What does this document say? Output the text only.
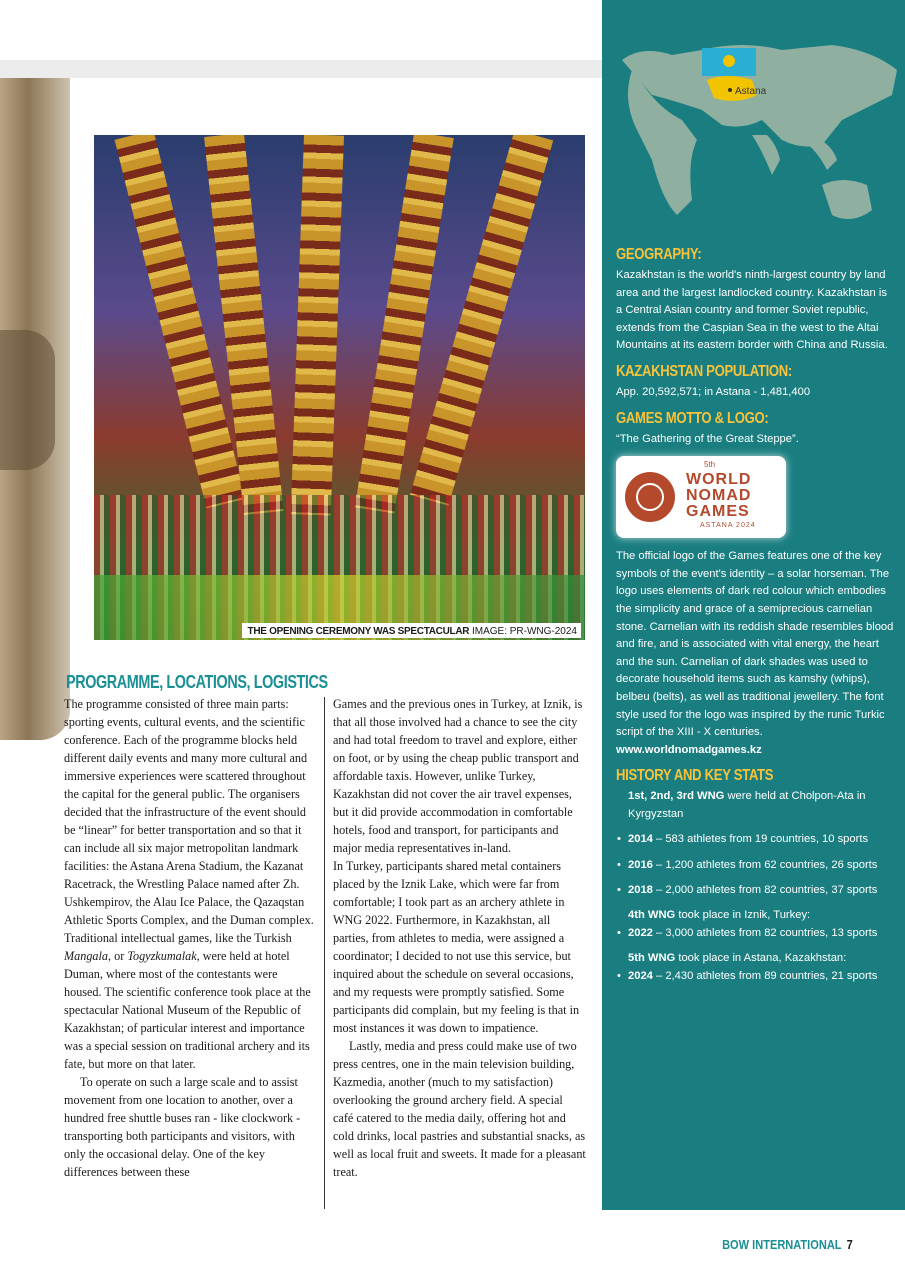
THE OPENING CEREMONY WAS SPECTACULAR IMAGE: PR-WNG-2024
PROGRAMME, LOCATIONS, LOGISTICS

The programme consisted of three main parts: sporting events, cultural events, and the scientific conference. Each of the programme blocks held different daily events and many more cultural and immersive experiences were scattered throughout the capital for the general public. The organisers decided that the infrastructure of the event should be “linear” for better transportation and so that it can include all six major metropolitan landmark facilities: the Astana Arena Stadium, the Kazanat Racetrack, the Wrestling Palace named after Zh. Ushkempirov, the Alau Ice Palace, the Qazaqstan Athletic Sports Complex, and the Duman complex. Traditional intellectual games, like the Turkish Mangala, or Togyzkumalak, were held at hotel Duman, where most of the contestants were housed. The scientific conference took place at the spectacular National Museum of the Republic of Kazakhstan; of particular interest and importance was a special session on traditional archery and its fate, but more on that later.

To operate on such a large scale and to assist movement from one location to another, over a hundred free shuttle buses ran - like clockwork - transporting both participants and visitors, with only the occasional delay. One of the key differences between these

Games and the previous ones in Turkey, at Iznik, is that all those involved had a chance to see the city and had total freedom to travel and explore, either on foot, or by using the cheap public transport and affordable taxis. However, unlike Turkey, Kazakhstan did not cover the air travel expenses, but it did provide accommodation in comfortable hotels, food and transport, for participants and major media representatives in-land.

In Turkey, participants shared metal containers placed by the Iznik Lake, which were far from comfortable; I took part as an archery athlete in WNG 2022. Furthermore, in Kazakhstan, all parties, from athletes to media, were assigned a coordinator; I decided to not use this service, but inquired about the schedule on several occasions, and my requests were promptly satisfied. Some participants did complain, but my feeling is that in most instances it was down to impatience.

Lastly, media and press could make use of two press centres, one in the main television building, Kazmedia, another (much to my satisfaction) overlooking the ground archery field. A special café catered to the media daily, offering hot and cold drinks, local pastries and substantial snacks, as well as local fruit and sweets. It made for a pleasant treat.

Astana
GEOGRAPHY:

Kazakhstan is the world's ninth-largest country by land area and the largest landlocked country. Kazakhstan is a Central Asian country and former Soviet republic, extends from the Caspian Sea in the west to the Altai Mountains at its eastern border with China and Russia.

KAZAKHSTAN POPULATION:

App. 20,592,571; in Astana - 1,481,400

GAMES MOTTO & LOGO:

“The Gathering of the Great Steppe”.

5th
WORLD NOMAD GAMES
ASTANA 2024

The official logo of the Games features one of the key symbols of the event's identity – a solar horseman. The logo uses elements of dark red colour which embodies the simplicity and grace of a semiprecious carnelian stone. Carnelian with its reddish shade resembles blood and fire, and is associated with vital energy, the heart and the sun. Carnelian of dark shades was used to decorate household items such as kamshy (whips), belbeu (belts), as well as traditional jewellery. The font style used for the logo was inspired by the runic Turkic script of the XIII - X centuries.

www.worldnomadgames.kz

HISTORY AND KEY STATS
1st, 2nd, 3rd WNG were held at Cholpon-Ata in Kyrgyzstan
• 2014 – 583 athletes from 19 countries, 10 sports
• 2016 – 1,200 athletes from 62 countries, 26 sports
• 2018 – 2,000 athletes from 82 countries, 37 sports
4th WNG took place in Iznik, Turkey:
• 2022 – 3,000 athletes from 82 countries, 13 sports
5th WNG took place in Astana, Kazakhstan:
• 2024 – 2,430 athletes from 89 countries, 21 sports
BOW INTERNATIONAL 7
